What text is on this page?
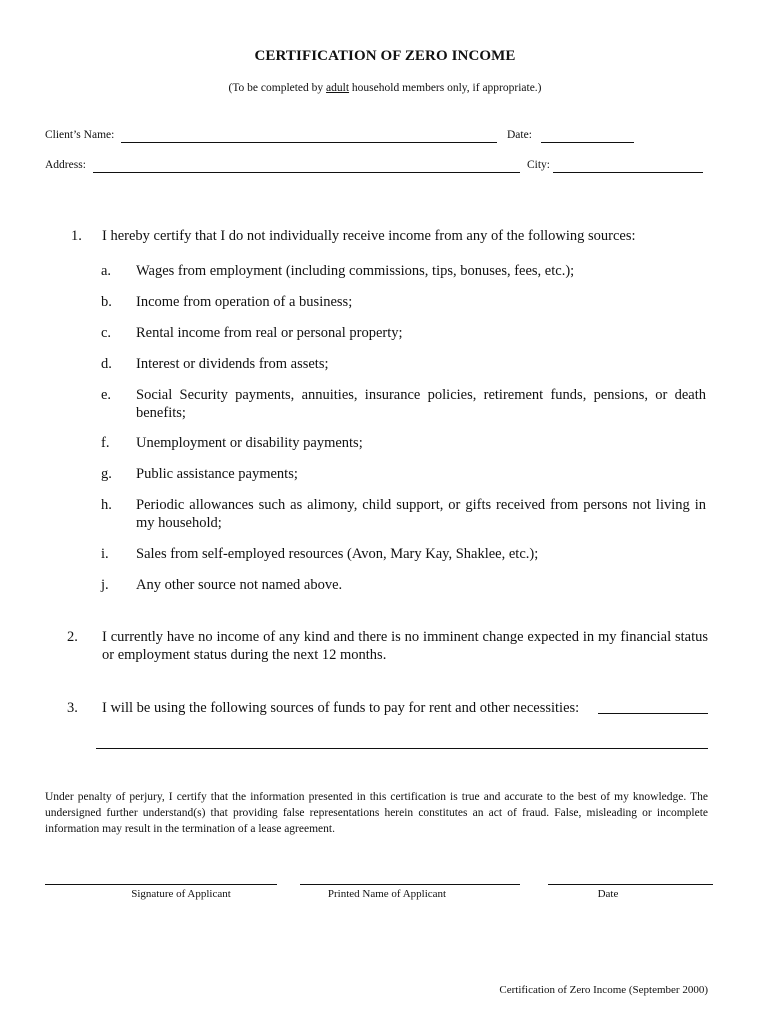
CERTIFICATION OF ZERO INCOME
(To be completed by adult household members only, if appropriate.)
Client’s Name:	Date:
Address:	City:
1.	I hereby certify that I do not individually receive income from any of the following sources:
a.	Wages from employment (including commissions, tips, bonuses, fees, etc.);
b.	Income from operation of a business;
c.	Rental income from real or personal property;
d.	Interest or dividends from assets;
e.	Social Security payments, annuities, insurance policies, retirement funds, pensions, or death benefits;
f.	Unemployment or disability payments;
g.	Public assistance payments;
h.	Periodic allowances such as alimony, child support, or gifts received from persons not living in my household;
i.	Sales from self-employed resources (Avon, Mary Kay, Shaklee, etc.);
j.	Any other source not named above.
2.	I currently have no income of any kind and there is no imminent change expected in my financial status or employment status during the next 12 months.
3.	I will be using the following sources of funds to pay for rent and other necessities:
Under penalty of perjury, I certify that the information presented in this certification is true and accurate to the best of my knowledge. The undersigned further understand(s) that providing false representations herein constitutes an act of fraud. False, misleading or incomplete information may result in the termination of a lease agreement.
Signature of Applicant	Printed Name of Applicant	Date
Certification of Zero Income (September 2000)
